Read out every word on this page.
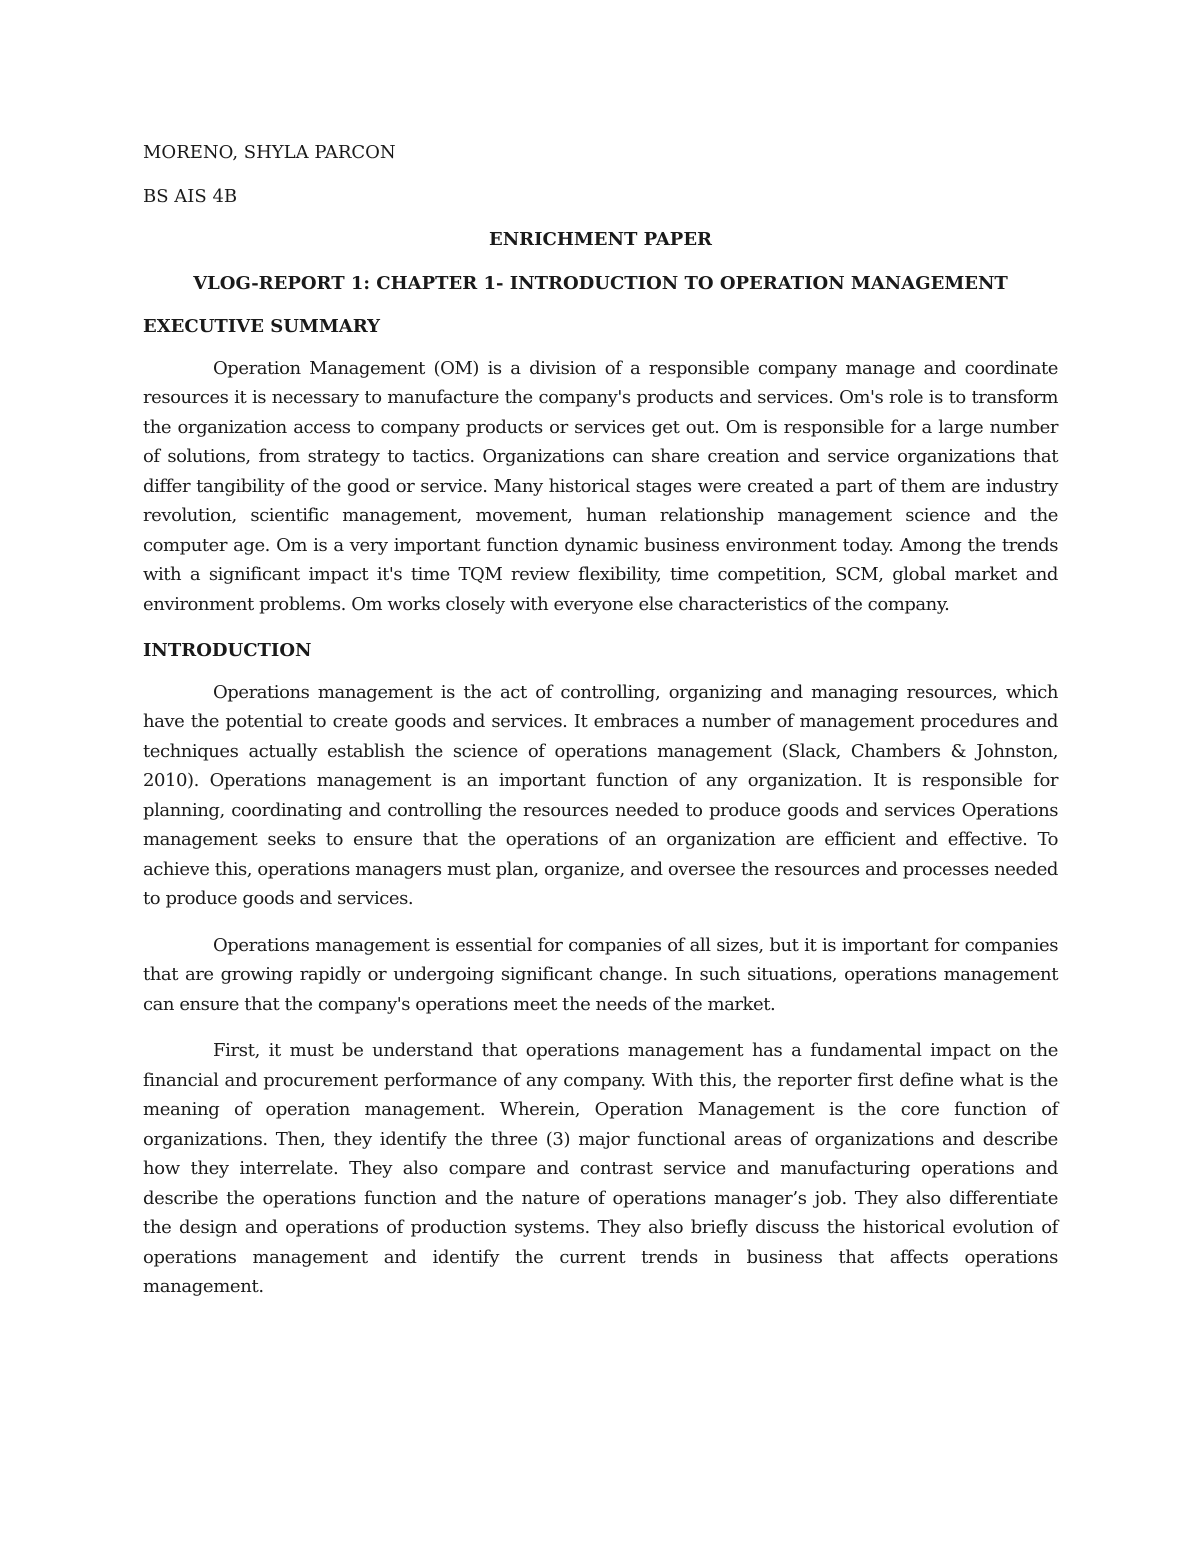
MORENO, SHYLA PARCON
BS AIS 4B
ENRICHMENT PAPER
VLOG-REPORT 1: CHAPTER 1- INTRODUCTION TO OPERATION MANAGEMENT
EXECUTIVE SUMMARY

Operation Management (OM) is a division of a responsible company manage and coordinate resources it is necessary to manufacture the company's products and services. Om's role is to transform the organization access to company products or services get out. Om is responsible for a large number of solutions, from strategy to tactics. Organizations can share creation and service organizations that differ tangibility of the good or service. Many historical stages were created a part of them are industry revolution, scientific management, movement, human relationship management science and the computer age. Om is a very important function dynamic business environment today. Among the trends with a significant impact it's time TQM review flexibility, time competition, SCM, global market and environment problems. Om works closely with everyone else characteristics of the company.

INTRODUCTION

Operations management is the act of controlling, organizing and managing resources, which have the potential to create goods and services. It embraces a number of management procedures and techniques actually establish the science of operations management (Slack, Chambers & Johnston, 2010). Operations management is an important function of any organization. It is responsible for planning, coordinating and controlling the resources needed to produce goods and services Operations management seeks to ensure that the operations of an organization are efficient and effective. To achieve this, operations managers must plan, organize, and oversee the resources and processes needed to produce goods and services.

Operations management is essential for companies of all sizes, but it is important for companies that are growing rapidly or undergoing significant change. In such situations, operations management can ensure that the company's operations meet the needs of the market.

First, it must be understand that operations management has a fundamental impact on the financial and procurement performance of any company. With this, the reporter first define what is the meaning of operation management. Wherein, Operation Management is the core function of organizations. Then, they identify the three (3) major functional areas of organizations and describe how they interrelate. They also compare and contrast service and manufacturing operations and describe the operations function and the nature of operations manager’s job. They also differentiate the design and operations of production systems. They also briefly discuss the historical evolution of operations management and identify the current trends in business that affects operations management.
